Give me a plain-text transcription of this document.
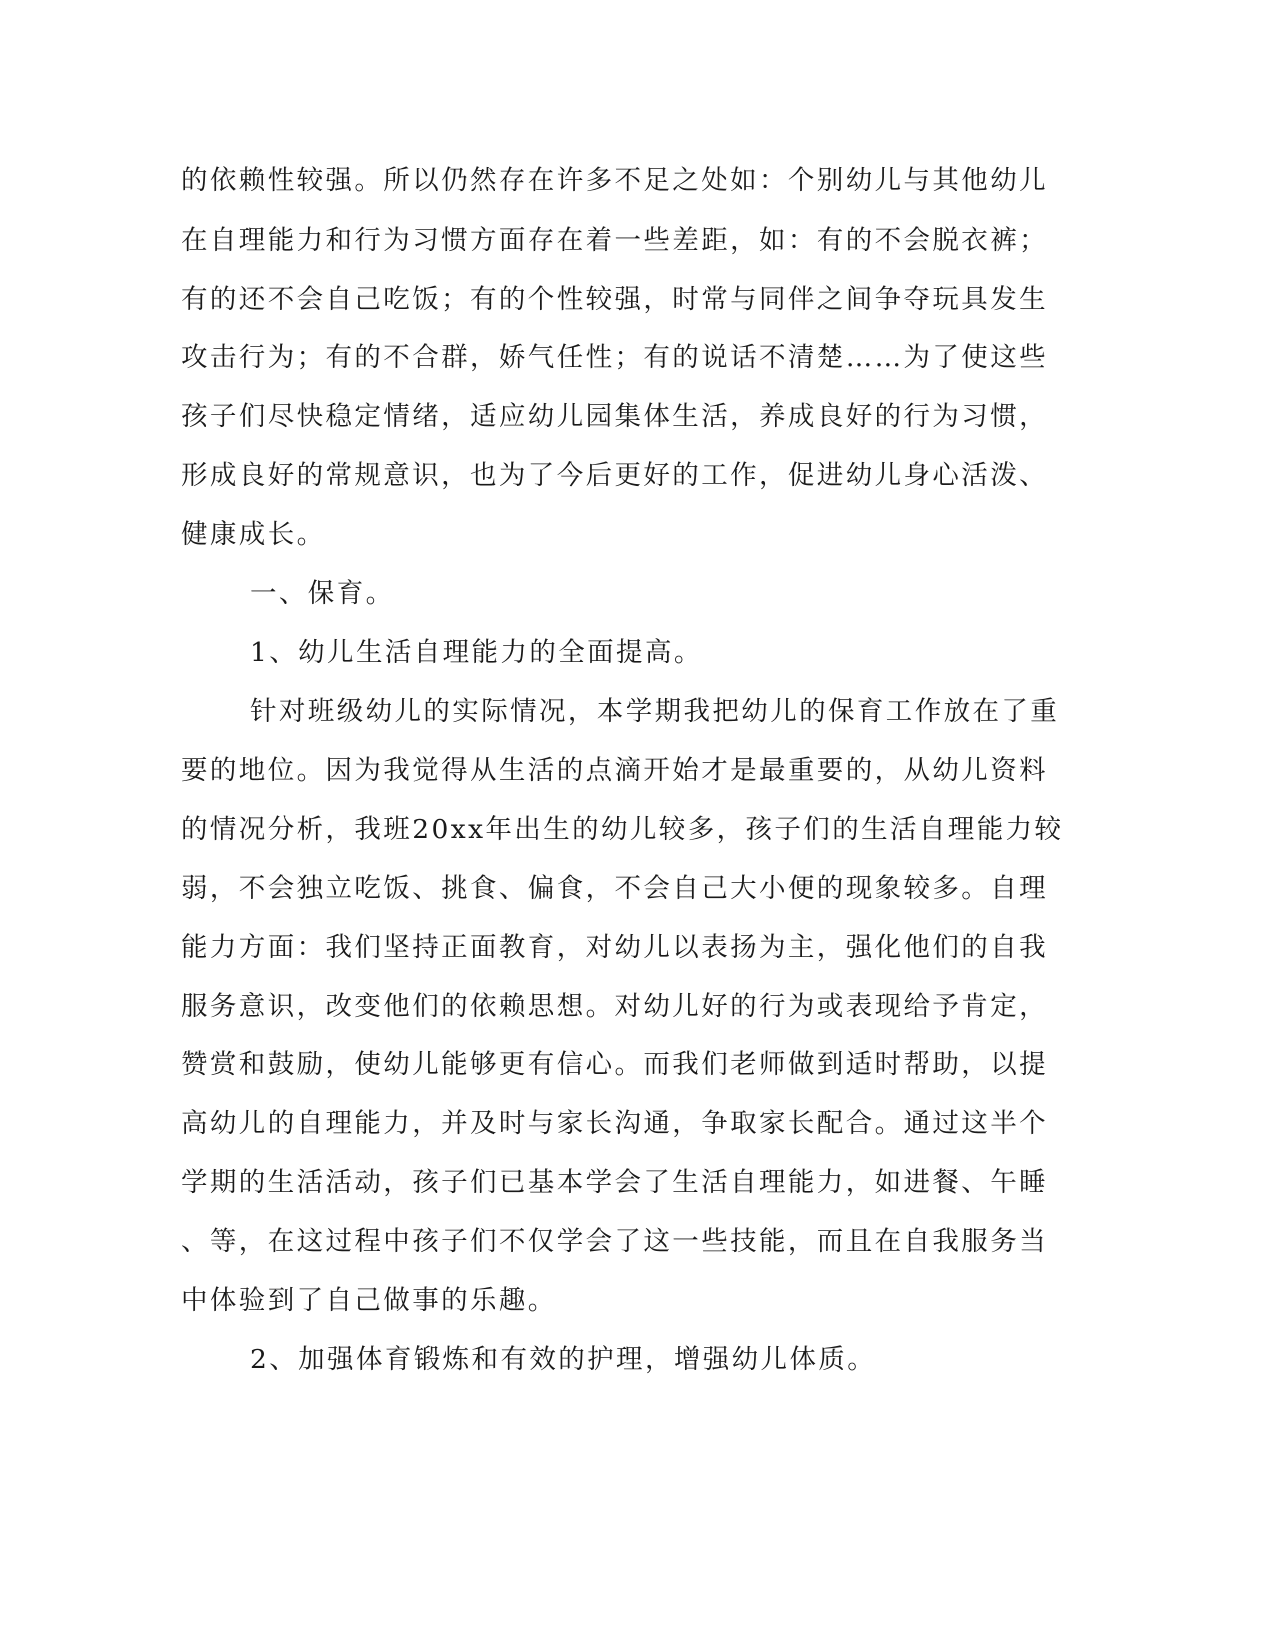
的依赖性较强。所以仍然存在许多不足之处如：个别幼儿与其他幼儿
在自理能力和行为习惯方面存在着一些差距，如：有的不会脱衣裤；
有的还不会自己吃饭；有的个性较强，时常与同伴之间争夺玩具发生
攻击行为；有的不合群，娇气任性；有的说话不清楚……为了使这些
孩子们尽快稳定情绪，适应幼儿园集体生活，养成良好的行为习惯，
形成良好的常规意识，也为了今后更好的工作，促进幼儿身心活泼、
健康成长。
一、保育。
1、幼儿生活自理能力的全面提高。
针对班级幼儿的实际情况，本学期我把幼儿的保育工作放在了重
要的地位。因为我觉得从生活的点滴开始才是最重要的，从幼儿资料
的情况分析，我班20xx年出生的幼儿较多，孩子们的生活自理能力较
弱，不会独立吃饭、挑食、偏食，不会自己大小便的现象较多。自理
能力方面：我们坚持正面教育，对幼儿以表扬为主，强化他们的自我
服务意识，改变他们的依赖思想。对幼儿好的行为或表现给予肯定，
赞赏和鼓励，使幼儿能够更有信心。而我们老师做到适时帮助，以提
高幼儿的自理能力，并及时与家长沟通，争取家长配合。通过这半个
学期的生活活动，孩子们已基本学会了生活自理能力，如进餐、午睡
、等，在这过程中孩子们不仅学会了这一些技能，而且在自我服务当
中体验到了自己做事的乐趣。
2、加强体育锻炼和有效的护理，增强幼儿体质。
